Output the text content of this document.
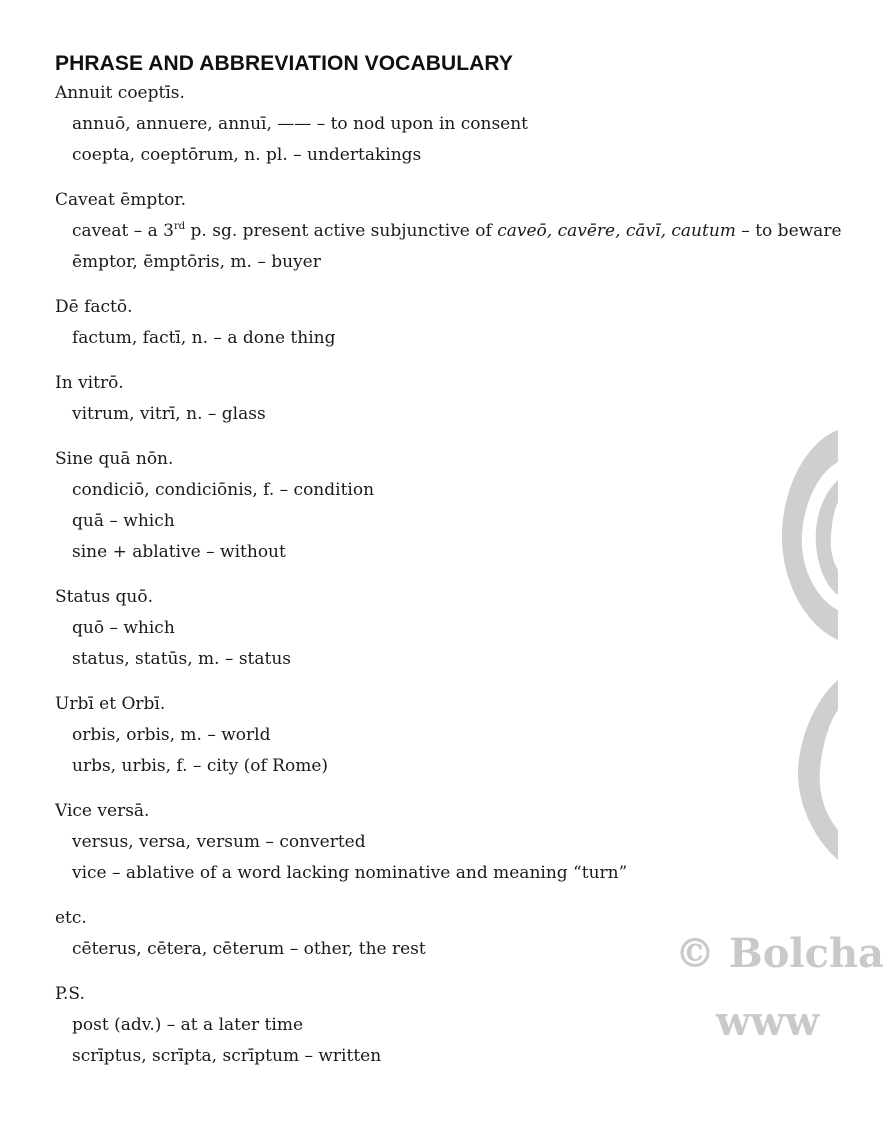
© Bolcha
www
PHRASE AND ABBREVIATION VOCABULARY
Annuit coeptīs.
annuō, annuere, annuī, —— – to nod upon in consent
coepta, coeptōrum, n. pl. – undertakings
Caveat ēmptor.
caveat – a 3rd p. sg. present active subjunctive of caveō, cavēre, cāvī, cautum – to beware
ēmptor, ēmptōris, m. – buyer
Dē factō.
factum, factī, n. – a done thing
In vitrō.
vitrum, vitrī, n. – glass
Sine quā nōn.
condiciō, condiciōnis, f. – condition
quā – which
sine + ablative – without
Status quō.
quō – which
status, statūs, m. – status
Urbī et Orbī.
orbis, orbis, m. – world
urbs, urbis, f. – city (of Rome)
Vice versā.
versus, versa, versum – converted
vice – ablative of a word lacking nominative and meaning “turn”
etc.
cēterus, cētera, cēterum – other, the rest
P.S.
post (adv.) – at a later time
scrīptus, scrīpta, scrīptum – written
